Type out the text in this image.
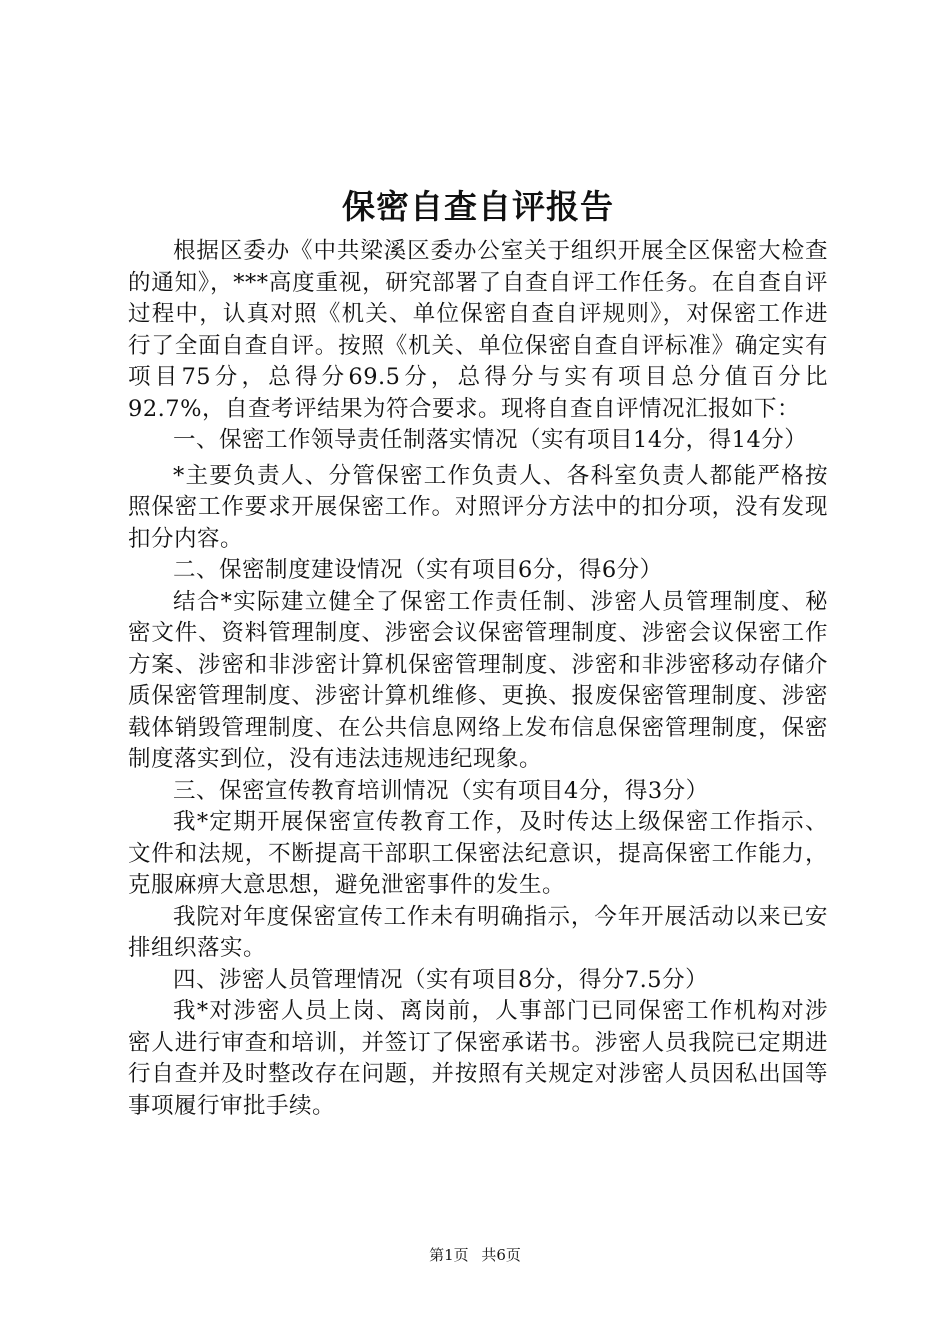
保密自查自评报告

根据区委办《中共梁溪区委办公室关于组织开展全区保密大检查的通知》，***高度重视，研究部署了自查自评工作任务。在自查自评过程中，认真对照《机关、单位保密自查自评规则》，对保密工作进行了全面自查自评。按照《机关、单位保密自查自评标准》确定实有项目75分，总得分69.5分，总得分与实有项目总分值百分比92.7%，自查考评结果为符合要求。现将自查自评情况汇报如下：

一、保密工作领导责任制落实情况（实有项目14分，得14分）

*主要负责人、分管保密工作负责人、各科室负责人都能严格按照保密工作要求开展保密工作。对照评分方法中的扣分项，没有发现扣分内容。

二、保密制度建设情况（实有项目6分，得6分）

结合*实际建立健全了保密工作责任制、涉密人员管理制度、秘密文件、资料管理制度、涉密会议保密管理制度、涉密会议保密工作方案、涉密和非涉密计算机保密管理制度、涉密和非涉密移动存储介质保密管理制度、涉密计算机维修、更换、报废保密管理制度、涉密载体销毁管理制度、在公共信息网络上发布信息保密管理制度，保密制度落实到位，没有违法违规违纪现象。

三、保密宣传教育培训情况（实有项目4分，得3分）

我*定期开展保密宣传教育工作，及时传达上级保密工作指示、文件和法规，不断提高干部职工保密法纪意识，提高保密工作能力，克服麻痹大意思想，避免泄密事件的发生。

我院对年度保密宣传工作未有明确指示，今年开展活动以来已安排组织落实。

四、涉密人员管理情况（实有项目8分，得分7.5分）

我*对涉密人员上岗、离岗前，人事部门已同保密工作机构对涉密人进行审查和培训，并签订了保密承诺书。涉密人员我院已定期进行自查并及时整改存在问题，并按照有关规定对涉密人员因私出国等事项履行审批手续。

第1页 共6页
